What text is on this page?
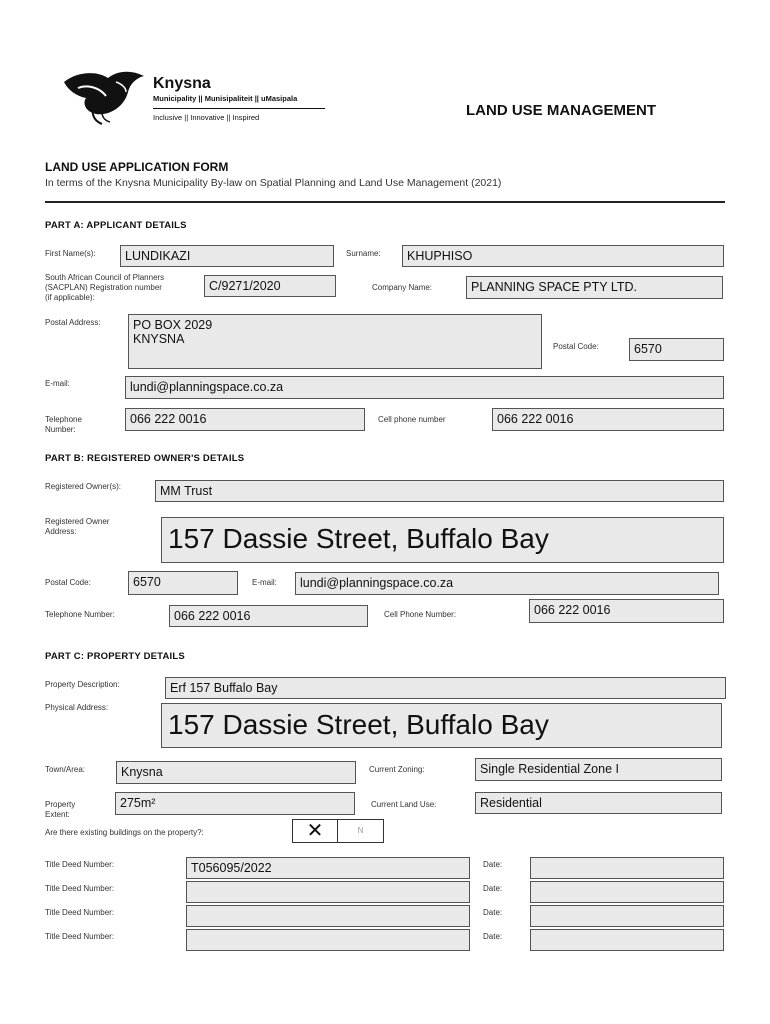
Knysna
Municipality || Munisipaliteit || uMasipala
Inclusive || Innovative || Inspired	LAND USE MANAGEMENT
LAND USE APPLICATION FORM
In terms of the Knysna Municipality By-law on Spatial Planning and Land Use Management (2021)
PART A: APPLICANT DETAILS
First Name(s):	LUNDIKAZI	Surname:	KHUPHISO
South African Council of Planners
(SACPLAN) Registration number
(if applicable):
C/9271/2020	Company Name:	PLANNING SPACE PTY LTD.
Postal Address:	PO BOX 2029
KNYSNA
Postal Code:	6570
E-mail:	lundi@planningspace.co.za
Telephone
Number:
066 222 0016	Cell phone number	066 222 0016
PART B: REGISTERED OWNER'S DETAILS
Registered Owner(s):	MM Trust
Registered Owner
Address:	157 Dassie Street, Buffalo Bay
Postal Code:	6570	E-mail:	lundi@planningspace.co.za
Telephone Number:	066 222 0016	Cell Phone Number:	066 222 0016
PART C: PROPERTY DETAILS
Property Description:	Erf 157 Buffalo Bay
Physical Address:
157 Dassie Street, Buffalo Bay
Town/Area:	Knysna	Current Zoning:	Single Residential Zone I
Property
Extent:
275m²	Current Land Use:	Residential
Are there existing buildings on the property?:	✕	N
Title Deed Number:	T056095/2022	Date:
Title Deed Number:	Date:
Title Deed Number:	Date:
Title Deed Number:	Date:
